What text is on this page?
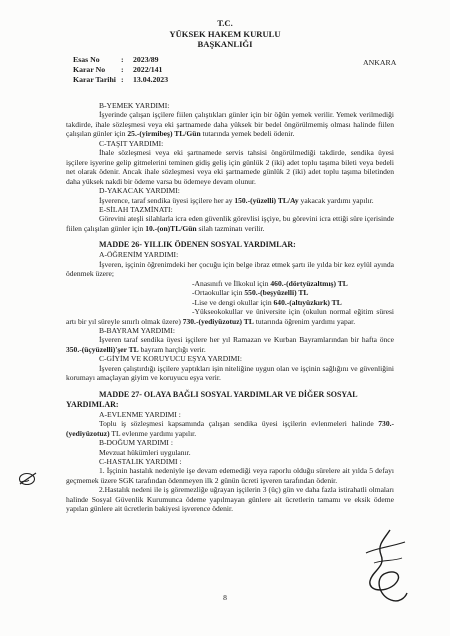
T.C.
YÜKSEK HAKEM KURULU
BAŞKANLIĞI
Esas No	:	2023/89
Karar No	:	2022/141
Karar Tarihi :	13.04.2023
ANKARA

B-YEMEK YARDIMI:

İşyerinde çalışan işçilere fiilen çalıştıkları günler için bir öğün yemek verilir. Yemek verilmediği takdirde, ihale sözleşmesi veya eki şartnamede daha yüksek bir bedel öngörülmemiş olması halinde fiilen çalışılan günler için 25.-(yirmibeş) TL/Gün tutarında yemek bedeli ödenir.

C-TAŞIT YARDIMI:

İhale sözleşmesi veya eki şartnamede servis tahsisi öngörülmediği takdirde, sendika üyesi işçilere işyerine gelip gitmelerini teminen gidiş geliş için günlük 2 (iki) adet toplu taşıma bileti veya bedeli net olarak ödenir. Ancak ihale sözleşmesi veya eki şartnamede günlük 2 (iki) adet toplu taşıma biletinden daha yüksek nakdi bir ödeme varsa bu ödemeye devam olunur.

D-YAKACAK YARDIMI:

İşverence, taraf sendika üyesi işçilere her ay 150.-(yüzelli) TL/Ay yakacak yardımı yapılır.

E-SİLAH TAZMİNATI:

Görevini ateşli silahlarla icra eden güvenlik görevlisi işçiye, bu görevini icra ettiği süre içerisinde fiilen çalışılan günler için 10.-(on)TL/Gün silah tazminatı verilir.

MADDE 26- YILLIK ÖDENEN SOSYAL YARDIMLAR:

A-ÖĞRENİM YARDIMI:

İşveren, işçinin öğrenimdeki her çocuğu için belge ibraz etmek şartı ile yılda bir kez eylül ayında ödenmek üzere;

-Anasınıfı ve İlkokul için 460.-(dörtyüzaltmış) TL

-Ortaokullar için 550.-(beşyüzelli) TL

-Lise ve dengi okullar için 640.-(altıyüzkırk) TL

-Yükseokokullar ve üniversite için (okulun normal eğitim süresi artı bir yıl süreyle sınırlı olmak üzere) 730.-(yediyüzotuz) TL tutarında öğrenim yardımı yapar.

B-BAYRAM YARDIMI:

İşveren taraf sendika üyesi işçilere her yıl Ramazan ve Kurban Bayramlarından bir hafta önce 350.-(üçyüzelli)'şer TL bayram harçlığı verir.

C-GİYİM VE KORUYUCU EŞYA YARDIMI:

İşveren çalıştırdığı işçilere yaptıkları işin niteliğine uygun olan ve işçinin sağlığını ve güvenliğini korumayı amaçlayan giyim ve koruyucu eşya verir.

MADDE 27- OLAYA BAĞLI SOSYAL YARDIMLAR VE DİĞER SOSYAL
YARDIMLAR:

A-EVLENME YARDIMI :

Toplu iş sözleşmesi kapsamında çalışan sendika üyesi işçilerin evlenmeleri halinde 730.-(yediyüzotuz) TL evlenme yardımı yapılır.

B-DOĞUM YARDIMI :

Mevzuat hükümleri uygulanır.

C-HASTALIK YARDIMI :

1. İşçinin hastalık nedeniyle işe devam edemediği veya raporlu olduğu sürelere ait yılda 5 defayı geçmemek üzere SGK tarafından ödenmeyen ilk 2 günün ücreti işveren tarafından ödenir.

2.Hastalık nedeni ile iş göremezliğe uğrayan işçilerin 3 (üç) gün ve daha fazla istirahatli olmaları halinde Sosyal Güvenlik Kurumunca ödeme yapılmayan günlere ait ücretlerin tamamı ve eksik ödeme yapılan günlere ait ücretlerin bakiyesi işverence ödenir.

8
